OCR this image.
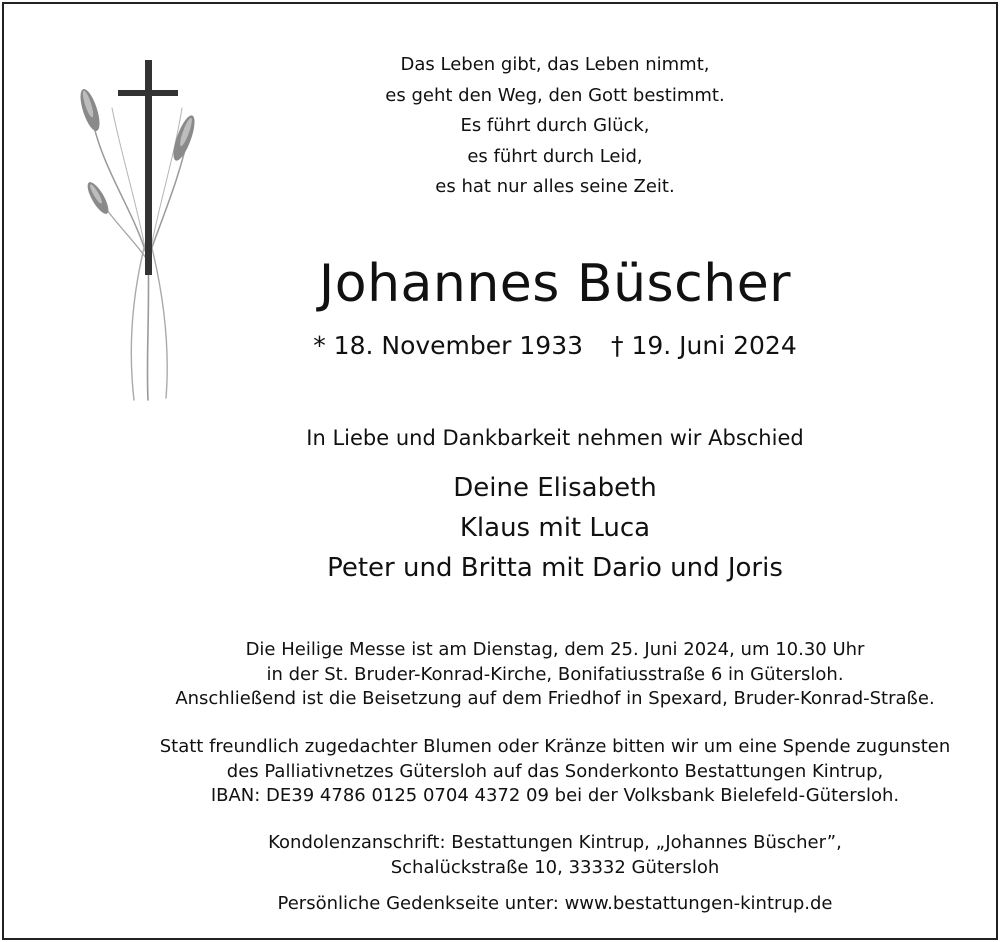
Das Leben gibt, das Leben nimmt,
es geht den Weg, den Gott bestimmt.
Es führt durch Glück,
es führt durch Leid,
es hat nur alles seine Zeit.
Johannes Büscher
* 18. November 1933 † 19. Juni 2024
In Liebe und Dankbarkeit nehmen wir Abschied
Deine Elisabeth
Klaus mit Luca
Peter und Britta mit Dario und Joris
Die Heilige Messe ist am Dienstag, dem 25. Juni 2024, um 10.30 Uhr
in der St. Bruder-Konrad-Kirche, Bonifatiusstraße 6 in Gütersloh.
Anschließend ist die Beisetzung auf dem Friedhof in Spexard, Bruder-Konrad-Straße.
Statt freundlich zugedachter Blumen oder Kränze bitten wir um eine Spende zugunsten
des Palliativnetzes Gütersloh auf das Sonderkonto Bestattungen Kintrup,
IBAN: DE39 4786 0125 0704 4372 09 bei der Volksbank Bielefeld-Gütersloh.
Kondolenzanschrift: Bestattungen Kintrup, „Johannes Büscher”,
Schalückstraße 10, 33332 Gütersloh
Persönliche Gedenkseite unter: www.bestattungen-kintrup.de
